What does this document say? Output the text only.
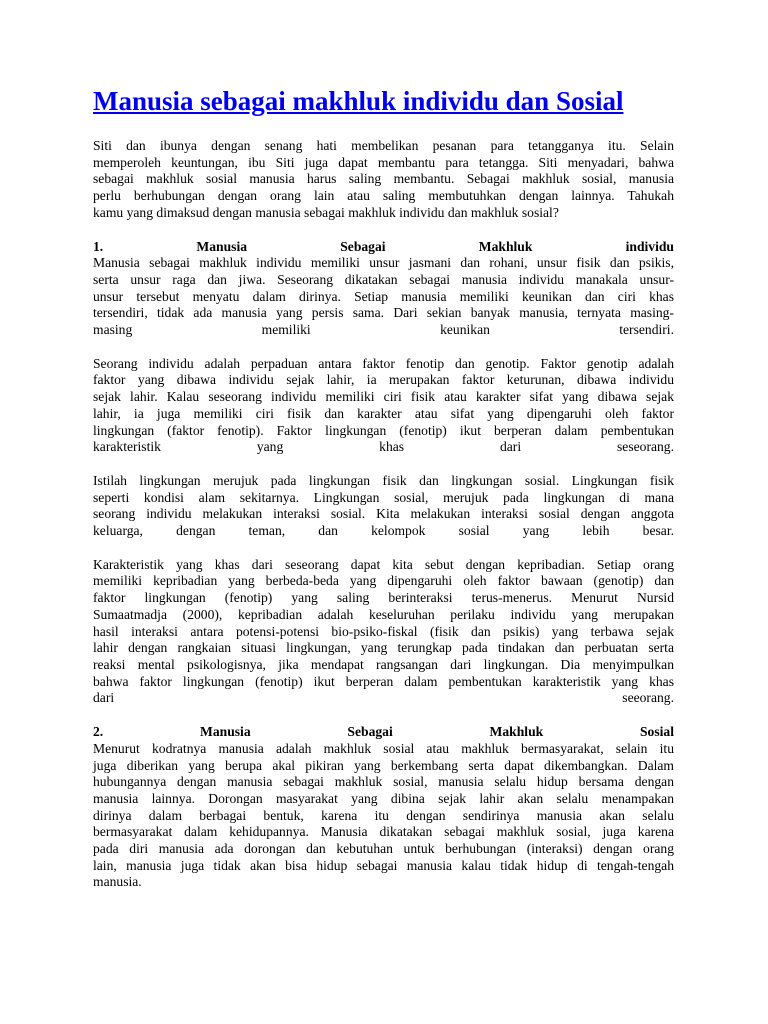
Manusia sebagai makhluk individu dan Sosial
Siti dan ibunya dengan senang hati membelikan pesanan para tetangganya itu. Selain
memperoleh keuntungan, ibu Siti juga dapat membantu para tetangga. Siti menyadari, bahwa
sebagai makhluk sosial manusia harus saling membantu. Sebagai makhluk sosial, manusia
perlu berhubungan dengan orang lain atau saling membutuhkan dengan lainnya. Tahukah
kamu yang dimaksud dengan manusia sebagai makhluk individu dan makhluk sosial?
1. Manusia Sebagai Makhluk individu
Manusia sebagai makhluk individu memiliki unsur jasmani dan rohani, unsur fisik dan psikis,
serta unsur raga dan jiwa. Seseorang dikatakan sebagai manusia individu manakala unsur-
unsur tersebut menyatu dalam dirinya. Setiap manusia memiliki keunikan dan ciri khas
tersendiri, tidak ada manusia yang persis sama. Dari sekian banyak manusia, ternyata masing-
masing memiliki keunikan tersendiri.
Seorang individu adalah perpaduan antara faktor fenotip dan genotip. Faktor genotip adalah
faktor yang dibawa individu sejak lahir, ia merupakan faktor keturunan, dibawa individu
sejak lahir. Kalau seseorang individu memiliki ciri fisik atau karakter sifat yang dibawa sejak
lahir, ia juga memiliki ciri fisik dan karakter atau sifat yang dipengaruhi oleh faktor
lingkungan (faktor fenotip). Faktor lingkungan (fenotip) ikut berperan dalam pembentukan
karakteristik yang khas dari seseorang.
Istilah lingkungan merujuk pada lingkungan fisik dan lingkungan sosial. Lingkungan fisik
seperti kondisi alam sekitarnya. Lingkungan sosial, merujuk pada lingkungan di mana
seorang individu melakukan interaksi sosial. Kita melakukan interaksi sosial dengan anggota
keluarga, dengan teman, dan kelompok sosial yang lebih besar.
Karakteristik yang khas dari seseorang dapat kita sebut dengan kepribadian. Setiap orang
memiliki kepribadian yang berbeda-beda yang dipengaruhi oleh faktor bawaan (genotip) dan
faktor lingkungan (fenotip) yang saling berinteraksi terus-menerus. Menurut Nursid
Sumaatmadja (2000), kepribadian adalah keseluruhan perilaku individu yang merupakan
hasil interaksi antara potensi-potensi bio-psiko-fiskal (fisik dan psikis) yang terbawa sejak
lahir dengan rangkaian situasi lingkungan, yang terungkap pada tindakan dan perbuatan serta
reaksi mental psikologisnya, jika mendapat rangsangan dari lingkungan. Dia menyimpulkan
bahwa faktor lingkungan (fenotip) ikut berperan dalam pembentukan karakteristik yang khas
dari seeorang.
2. Manusia Sebagai Makhluk Sosial
Menurut kodratnya manusia adalah makhluk sosial atau makhluk bermasyarakat, selain itu
juga diberikan yang berupa akal pikiran yang berkembang serta dapat dikembangkan. Dalam
hubungannya dengan manusia sebagai makhluk sosial, manusia selalu hidup bersama dengan
manusia lainnya. Dorongan masyarakat yang dibina sejak lahir akan selalu menampakan
dirinya dalam berbagai bentuk, karena itu dengan sendirinya manusia akan selalu
bermasyarakat dalam kehidupannya. Manusia dikatakan sebagai makhluk sosial, juga karena
pada diri manusia ada dorongan dan kebutuhan untuk berhubungan (interaksi) dengan orang
lain, manusia juga tidak akan bisa hidup sebagai manusia kalau tidak hidup di tengah-tengah
manusia.
